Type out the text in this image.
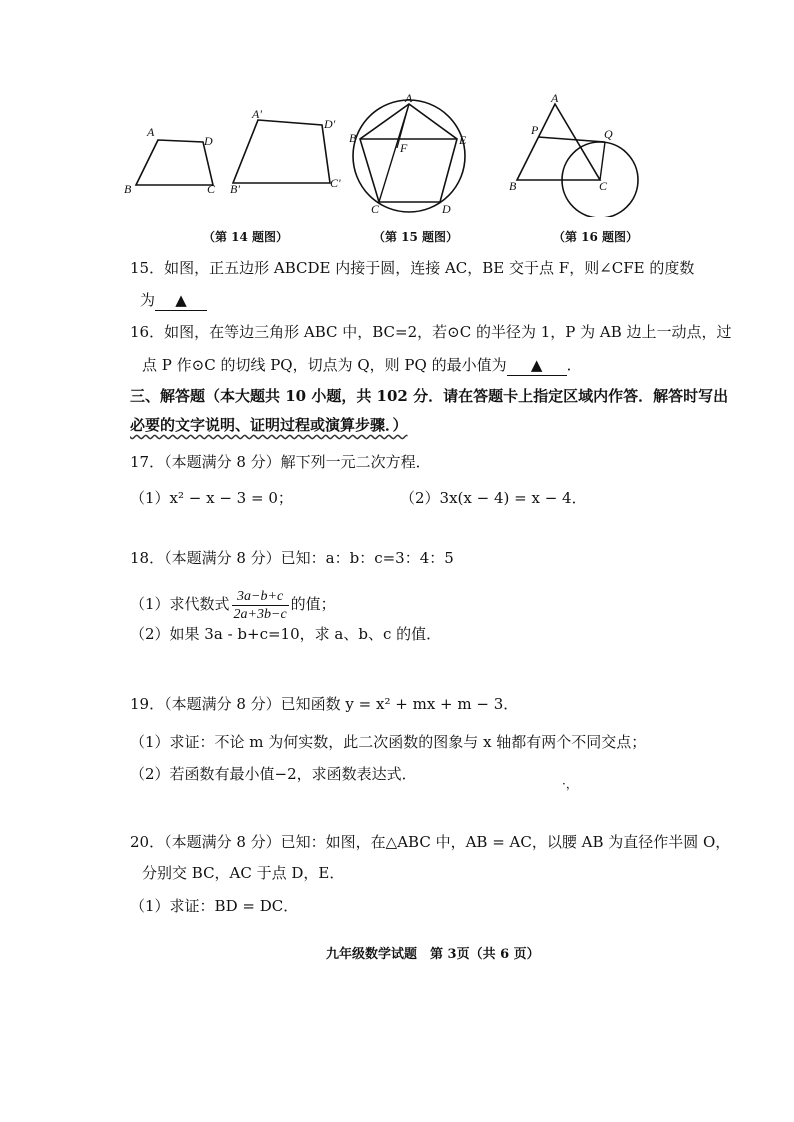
A
D
B	C
A'
D'
B'	C'
（第 14 题图）
A
B
C	D
E
F
（第 15 题图）
A
B	C
P	Q
（第 16 题图）
15．如图，正五边形 ABCDE 内接于圆，连接 AC，BE 交于点 F，则∠CFE 的度数
为 ▲
16．如图，在等边三角形 ABC 中，BC=2，若⊙C 的半径为 1，P 为 AB 边上一动点，过
点 P 作⊙C 的切线 PQ，切点为 Q，则 PQ 的最小值为 ▲ ．
三、解答题（本大题共 10 小题，共 102 分．请在答题卡上指定区域内作答．解答时写出
必要的文字说明、证明过程或演算步骤．）
17．（本题满分 8 分）解下列一元二次方程．
（1）x² − x − 3 = 0；	（2）3x(x − 4) = x − 4．
18．（本题满分 8 分）已知：a：b：c=3：4：5
（1）求代数式 $\frac{3a-b+c}{2a+3b-c}$ 的值；
（2）如果 3a - b+c=10，求 a、b、c 的值．
19．（本题满分 8 分）已知函数 y = x² + mx + m − 3．
（1）求证：不论 m 为何实数，此二次函数的图象与 x 轴都有两个不同交点；
（2）若函数有最小值−2，求函数表达式．
·，
20．（本题满分 8 分）已知：如图，在△ABC 中，AB = AC，以腰 AB 为直径作半圆 O，
分别交 BC，AC 于点 D，E．
（1）求证：BD = DC．
九年级数学试题　第 3页（共 6 页）
